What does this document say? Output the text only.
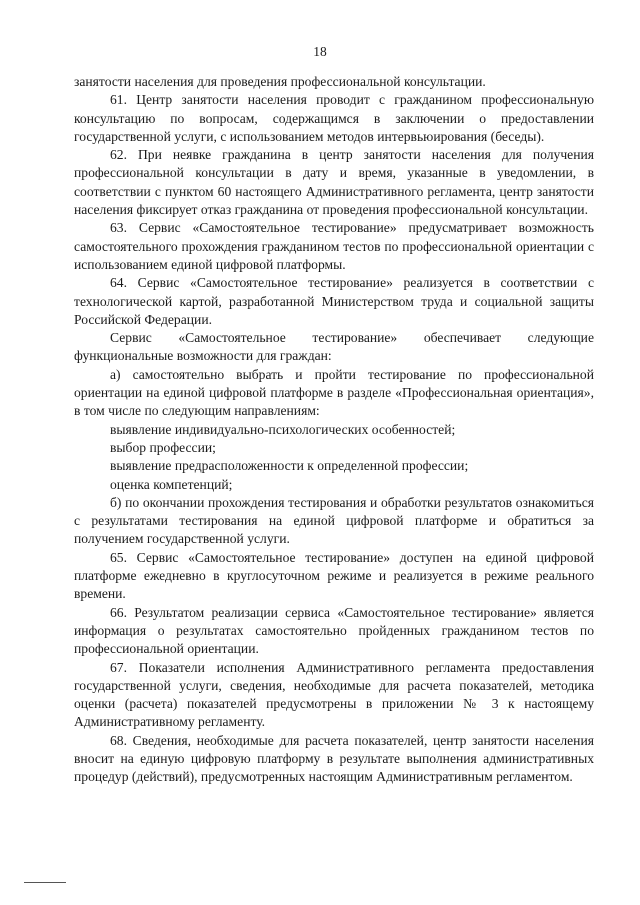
18

занятости населения для проведения профессиональной консультации.

61. Центр занятости населения проводит с гражданином профессиональную консультацию по вопросам, содержащимся в заключении о предоставлении государственной услуги, с использованием методов интервьюирования (беседы).

62. При неявке гражданина в центр занятости населения для получения профессиональной консультации в дату и время, указанные в уведомлении, в соответствии с пунктом 60 настоящего Административного регламента, центр занятости населения фиксирует отказ гражданина от проведения профессиональной консультации.

63. Сервис «Самостоятельное тестирование» предусматривает возможность самостоятельного прохождения гражданином тестов по профессиональной ориентации с использованием единой цифровой платформы.

64. Сервис «Самостоятельное тестирование» реализуется в соответствии с технологической картой, разработанной Министерством труда и социальной защиты Российской Федерации.

Сервис «Самостоятельное тестирование» обеспечивает следующие функциональные возможности для граждан:

а) самостоятельно выбрать и пройти тестирование по профессиональной ориентации на единой цифровой платформе в разделе «Профессиональная ориентация», в том числе по следующим направлениям:

выявление индивидуально-психологических особенностей;

выбор профессии;

выявление предрасположенности к определенной профессии;

оценка компетенций;

б) по окончании прохождения тестирования и обработки результатов ознакомиться с результатами тестирования на единой цифровой платформе и обратиться за получением государственной услуги.

65. Сервис «Самостоятельное тестирование» доступен на единой цифровой платформе ежедневно в круглосуточном режиме и реализуется в режиме реального времени.

66. Результатом реализации сервиса «Самостоятельное тестирование» является информация о результатах самостоятельно пройденных гражданином тестов по профессиональной ориентации.

67. Показатели исполнения Административного регламента предоставления государственной услуги, сведения, необходимые для расчета показателей, методика оценки (расчета) показателей предусмотрены в приложении № 3 к настоящему Административному регламенту.

68. Сведения, необходимые для расчета показателей, центр занятости населения вносит на единую цифровую платформу в результате выполнения административных процедур (действий), предусмотренных настоящим Административным регламентом.
